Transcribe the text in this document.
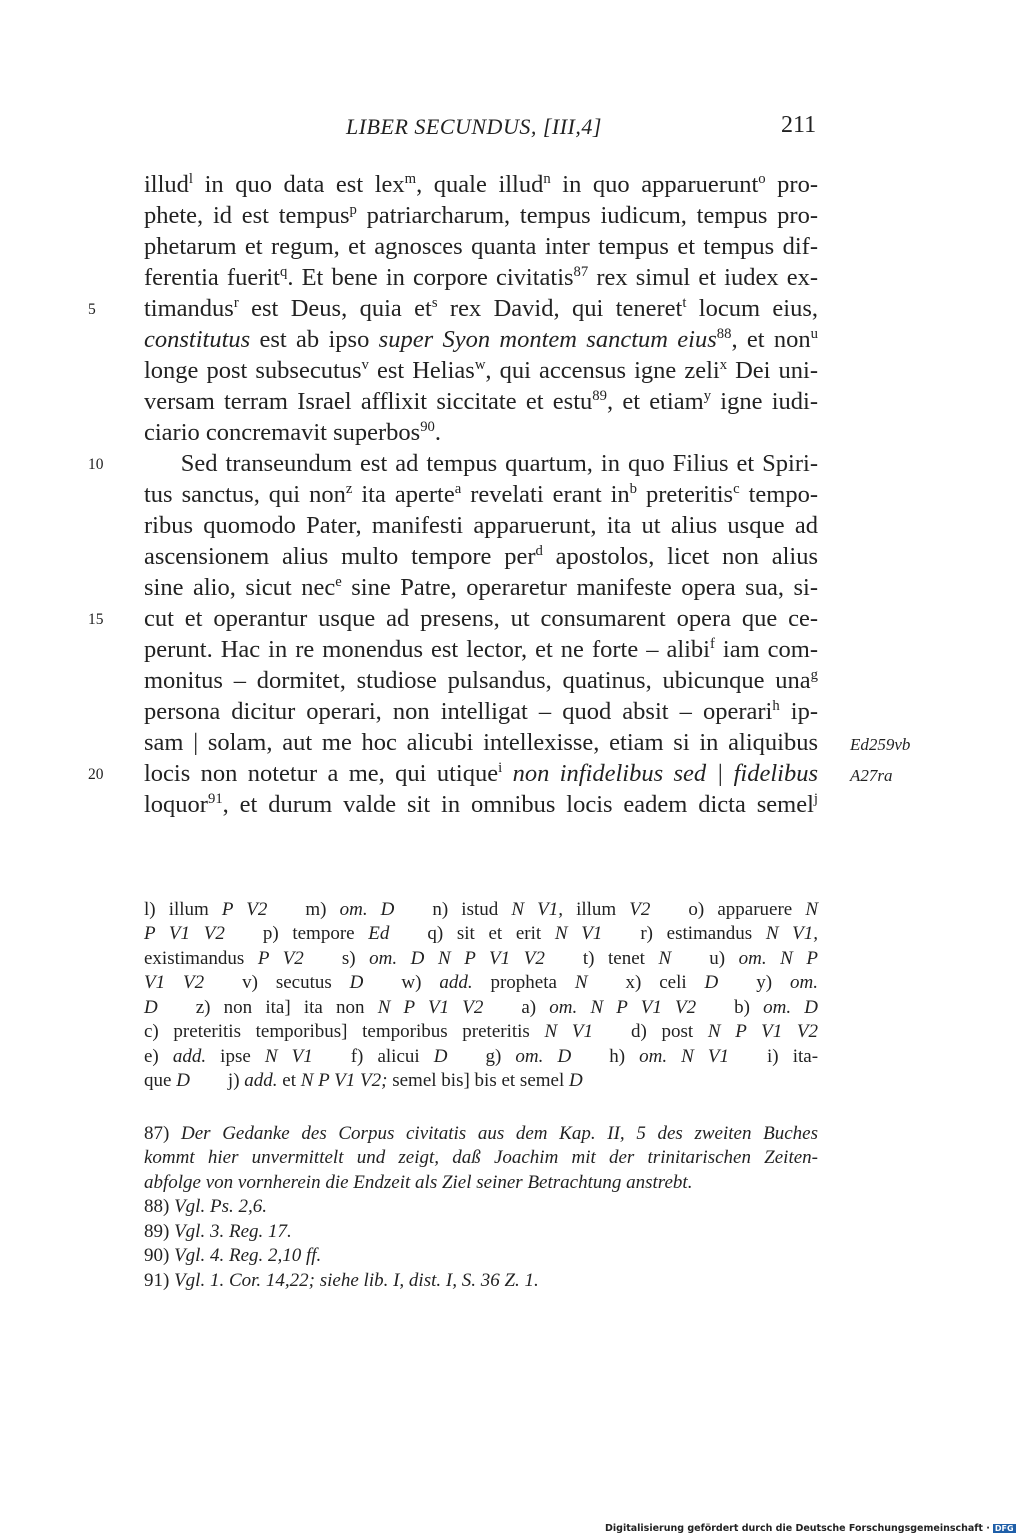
LIBER SECUNDUS, [III,4]	211
illud$^l$ in quo data est lex$^m$, quale illud$^n$ in quo apparuerunt$^o$ pro-
phete, id est tempus$^p$ patriarcharum, tempus iudicum, tempus pro-
phetarum et regum, et agnosces quanta inter tempus et tempus dif-
ferentia fuerit$^q$. Et bene in corpore civitatis$^{87}$ rex simul et iudex ex-
timandus$^r$ est Deus, quia $et^s$ rex David, qui teneret$^t$ locum eius,
constitutus est ab ipso super Syon montem sanctum eius$^{88}$, et non$^u$
longe post subsecutus$^v$ est Helias$^w$, qui accensus igne zeli$^x$ Dei uni-
versam terram Israel afflixit siccitate et estu$^{89}$, et etiam$^y$ igne iudi-
ciario concremavit superbos$^{90}$.
  Sed transeundum est ad tempus quartum, in quo Filius et Spiri-
tus sanctus, qui non$^z$ ita aperte$^a$ revelati erant $in^b$ preteritis$^c$ tempo-
ribus quomodo Pater, manifesti apparuerunt, ita ut alius usque ad
ascensionem alius multo tempore per$^d$ apostolos, licet non alius
sine alio, sicut nec$^e$ sine Patre, operaretur manifeste opera sua, si-
cut et operantur usque ad presens, ut consumarent opera que ce-
perunt. Hac in re monendus est lector, et ne forte – alibi$^f$ iam com-
monitus – dormitet, studiose pulsandus, quatinus, ubicunque una$^g$
persona dicitur operari, non intelligat – quod absit – operari$^h$ ip-
sam | solam, aut me hoc alicubi intellexisse, etiam si in aliquibus
locis non notetur a me, qui utique$^i$ non infidelibus sed | fidelibus
loquor$^{91}$, et durum valde sit in omnibus locis eadem dicta semel$^j$
5
10
15
20
Ed259vb
A27ra
l) illum P V2  m) om. D  n) istud N V1, illum V2  o) apparuere N
P V1 V2  p) tempore Ed  q) sit et erit N V1  r) estimandus N V1,
existimandus P V2  s) om. D N P V1 V2  t) tenet N  u) om. N P
V1 V2  v) secutus D  w) add. propheta N  x) celi D  y) om.
D  z) non ita] ita non N P V1 V2  a) om. N P V1 V2  b) om. D
c) preteritis temporibus] temporibus preteritis N V1  d) post N P V1 V2
e) add. ipse N V1  f) alicui D  g) om. D  h) om. N V1  i) ita-
que D  j) add. et N P V1 V2; semel bis] bis et semel D
87) Der Gedanke des Corpus civitatis aus dem Kap. II, 5 des zweiten Buches
kommt hier unvermittelt und zeigt, daß Joachim mit der trinitarischen Zeiten-
abfolge von vornherein die Endzeit als Ziel seiner Betrachtung anstrebt.
88) Vgl. Ps. 2,6.
89) Vgl. 3. Reg. 17.
90) Vgl. 4. Reg. 2,10 ff.
91) Vgl. 1. Cor. 14,22; siehe lib. I, dist. I, S. 36 Z. 1.
Digitalisierung gefördert durch die Deutsche Forschungsgemeinschaft · DFG
